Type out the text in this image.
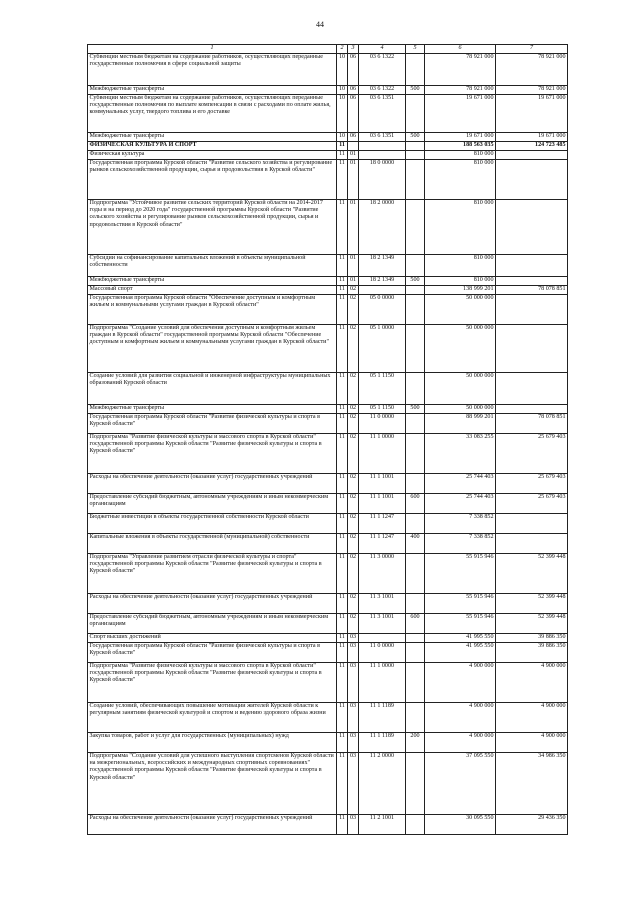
44
1	2	3	4	5	6	7
Субвенции местным бюджетам на содержание работников, осуществляющих переданные государственные полномочия в сфере социальной защиты	10	06	03 6 1322		78 921 000	78 921 000
Межбюджетные трансферты	10	06	03 6 1322	500	78 921 000	78 921 000
Субвенции местным бюджетам на содержание работников, осуществляющих переданные государственные полномочия по выплате компенсации в связи с расходами по оплате жилья, коммунальных услуг, твердого топлива и его доставке	10	06	03 6 1351		19 671 000	19 671 000
Межбюджетные трансферты	10	06	03 6 1351	500	19 671 000	19 671 000
ФИЗИЧЕСКАЯ КУЛЬТУРА И СПОРТ	11				188 563 035	124 723 485
Физическая культура	11	01			810 000	
Государственная программа Курской области "Развитие сельского хозяйства и регулирование рынков сельскохозяйственной продукции, сырья и продовольствия в Курской области"	11	01	18 0 0000		810 000	
Подпрограмма "Устойчивое развитие сельских территорий Курской области на 2014-2017 годы и на период до 2020 года" государственной программы Курской области "Развитие сельского хозяйства и регулирование рынков сельскохозяйственной продукции, сырья и продовольствия в Курской области"	11	01	18 2 0000		810 000	
Субсидии на софинансирование капитальных вложений в объекты муниципальной собственности	11	01	18 2 1349		810 000	
Межбюджетные трансферты	11	01	18 2 1349	500	810 000	
Массовый спорт	11	02			138 999 201	78 078 851
Государственная программа Курской области "Обеспечение доступным и комфортным жильем и коммунальными услугами граждан в Курской области"	11	02	05 0 0000		50 000 000	
Подпрограмма "Создание условий для обеспечения доступным и комфортным жильем граждан в Курской области" государственной программы Курской области "Обеспечение доступным и комфортным жильем и коммунальными услугами граждан в Курской области"	11	02	05 1 0000		50 000 000	
Создание условий для развития социальной и инженерной инфраструктуры муниципальных образований Курской области	11	02	05 1 1150		50 000 000	
Межбюджетные трансферты	11	02	05 1 1150	500	50 000 000	
Государственная программа Курской области "Развитие физической культуры и спорта в Курской области"	11	02	11 0 0000		88 999 201	78 078 851
Подпрограмма "Развитие физической культуры и массового спорта в Курской области" государственной программы Курской области "Развитие физической культуры и спорта в Курской области"	11	02	11 1 0000		33 083 255	25 679 403
Расходы на обеспечение деятельности (оказание услуг) государственных учреждений	11	02	11 1 1001		25 744 403	25 679 403
Предоставление субсидий бюджетным, автономным учреждениям и иным некоммерческим организациям	11	02	11 1 1001	600	25 744 403	25 679 403
Бюджетные инвестиции в объекты государственной собственности Курской области	11	02	11 1 1247		7 338 852	
Капитальные вложения в объекты государственной (муниципальной) собственности	11	02	11 1 1247	400	7 338 852	
Подпрограмма "Управление развитием отрасли физической культуры и спорта" государственной программы Курской области "Развитие физической культуры и спорта в Курской области"	11	02	11 3 0000		55 915 946	52 399 448
Расходы на обеспечение деятельности (оказание услуг) государственных учреждений	11	02	11 3 1001		55 915 946	52 399 448
Предоставление субсидий бюджетным, автономным учреждениям и иным некоммерческим организациям	11	02	11 3 1001	600	55 915 946	52 399 448
Спорт высших достижений	11	03			41 995 550	39 886 350
Государственная программа Курской области "Развитие физической культуры и спорта в Курской области"	11	03	11 0 0000		41 995 550	39 886 350
Подпрограмма "Развитие физической культуры и массового спорта в Курской области" государственной программы Курской области "Развитие физической культуры и спорта в Курской области"	11	03	11 1 0000		4 900 000	4 900 000
Создание условий, обеспечивающих повышение мотивации жителей Курской области к регулярным занятиям физической культурой и спортом и ведению здорового образа жизни	11	03	11 1 1189		4 900 000	4 900 000
Закупка товаров, работ и услуг для государственных (муниципальных) нужд	11	03	11 1 1189	200	4 900 000	4 900 000
Подпрограмма "Создание условий для успешного выступления спортсменов Курской области на межрегиональных, всероссийских и международных спортивных соревнованиях" государственной программы Курской области "Развитие физической культуры и спорта в Курской области"	11	03	11 2 0000		37 095 550	34 986 350
Расходы на обеспечение деятельности (оказание услуг) государственных учреждений	11	03	11 2 1001		30 095 550	29 436 350
